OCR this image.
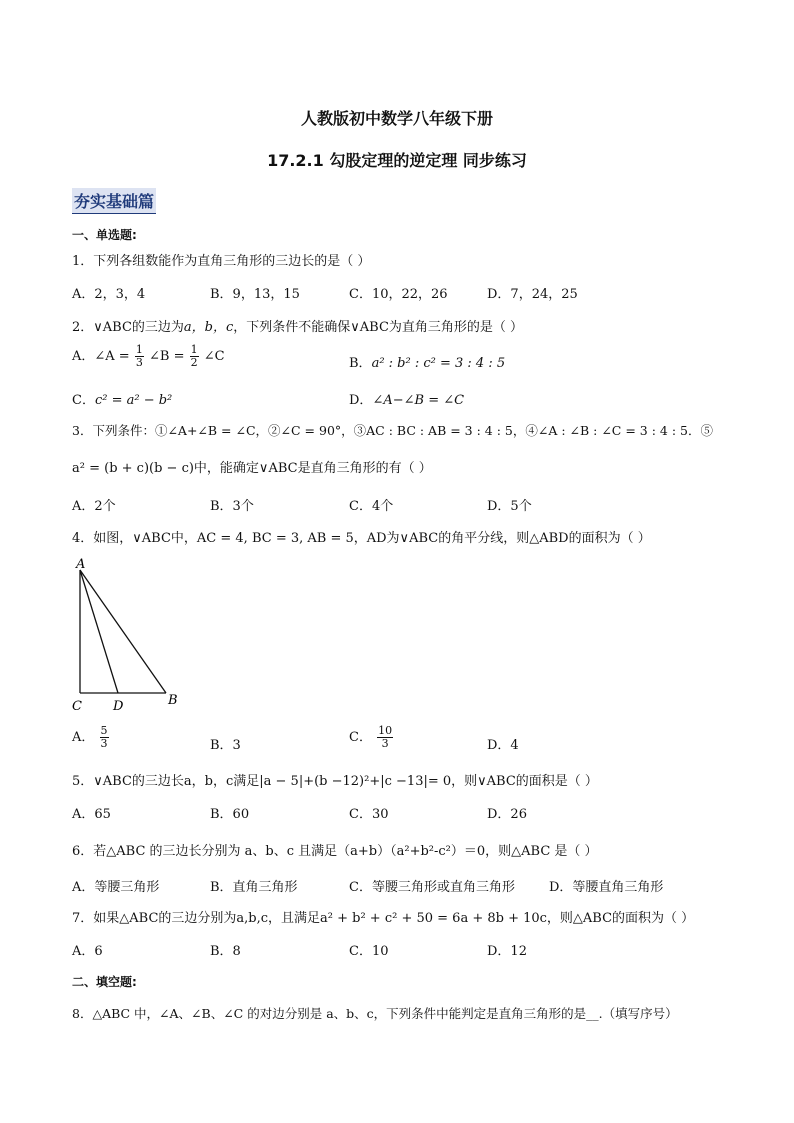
人教版初中数学八年级下册
17.2.1 勾股定理的逆定理 同步练习
夯实基础篇
一、单选题:
1．下列各组数能作为直角三角形的三边长的是（ ）
A．2，3，4	B．9，13，15	C．10，22，26	D．7，24，25
2．∨ABC的三边为a，b，c，下列条件不能确保∨ABC为直角三角形的是（ ）
A．∠A = $\frac{1}{3}$ ∠B = $\frac{1}{2}$ ∠C	B．a² : b² : c² = 3 : 4 : 5
C．c² = a² − b²	D．∠A−∠B = ∠C
3．下列条件：①∠A+∠B = ∠C，②∠C = 90°，③AC : BC : AB = 3 : 4 : 5，④∠A : ∠B : ∠C = 3 : 4 : 5．⑤
a² = (b + c)(b − c)中，能确定∨ABC是直角三角形的有（ ）
A．2个	B．3个	C．4个	D．5个
4．如图，∨ABC中，AC = 4, BC = 3, AB = 5，AD为∨ABC的角平分线，则△ABD的面积为（ ）
A
B
C D
A． $\frac{5}{3}$	B．3
C． $\frac{10}{3}$	D．4
5．∨ABC的三边长a，b，c满足|a − 5|+(b −12)²+|c −13|= 0，则∨ABC的面积是（ ）
A．65	B．60	C．30	D．26
6．若△ABC 的三边长分别为 a、b、c 且满足（a+b）（a²+b²-c²）＝0，则△ABC 是（ ）
A．等腰三角形	B．直角三角形	C．等腰三角形或直角三角形	D．等腰直角三角形
7．如果△ABC的三边分别为a,b,c，且满足a² + b² + c² + 50 = 6a + 8b + 10c，则△ABC的面积为（ ）
A．6	B．8	C．10	D．12
二、填空题:
8．△ABC 中，∠A、∠B、∠C 的对边分别是 a、b、c，下列条件中能判定是直角三角形的是__.（填写序号）
